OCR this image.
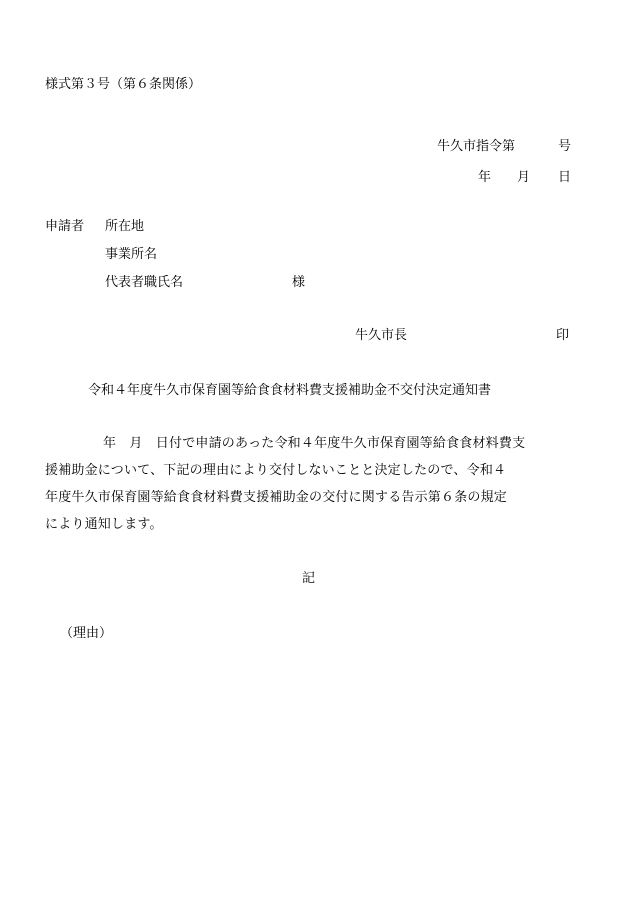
様式第３号（第６条関係）
牛久市指令第	号
年 月 日
申請者 所在地
事業所名
代表者職氏名	様
牛久市長	印
令和４年度牛久市保育園等給食食材料費支援補助金不交付決定通知書
年　月　日付で申請のあった令和４年度牛久市保育園等給食食材料費支
援補助金について、下記の理由により交付しないことと決定したので、令和４
年度牛久市保育園等給食食材料費支援補助金の交付に関する告示第６条の規定
により通知します。
記
（理由）
